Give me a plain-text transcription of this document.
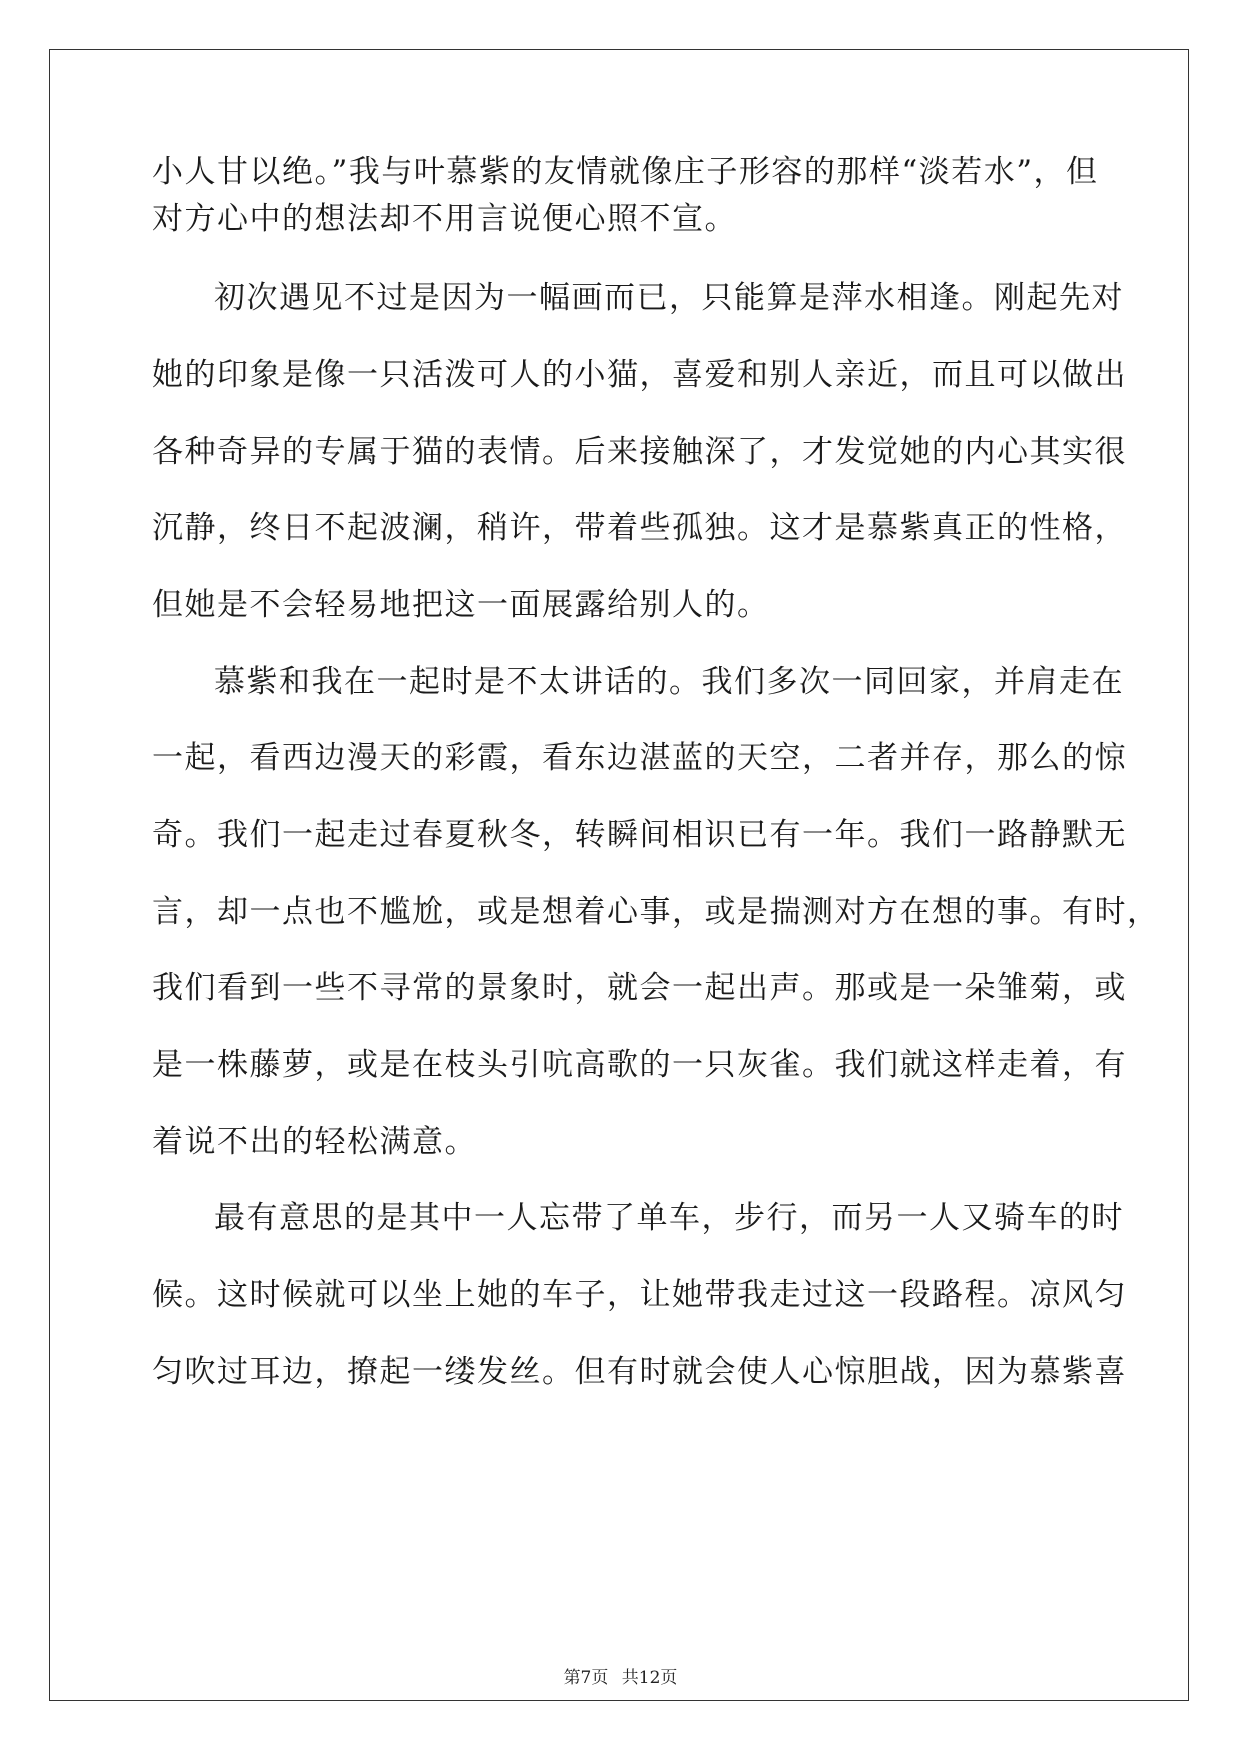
小人甘以绝。”我与叶慕紫的友情就像庄子形容的那样“淡若水”，但
对方心中的想法却不用言说便心照不宣。
初次遇见不过是因为一幅画而已，只能算是萍水相逢。刚起先对
她的印象是像一只活泼可人的小猫，喜爱和别人亲近，而且可以做出
各种奇异的专属于猫的表情。后来接触深了，才发觉她的内心其实很
沉静，终日不起波澜，稍许，带着些孤独。这才是慕紫真正的性格，
但她是不会轻易地把这一面展露给别人的。
慕紫和我在一起时是不太讲话的。我们多次一同回家，并肩走在
一起，看西边漫天的彩霞，看东边湛蓝的天空，二者并存，那么的惊
奇。我们一起走过春夏秋冬，转瞬间相识已有一年。我们一路静默无
言，却一点也不尴尬，或是想着心事，或是揣测对方在想的事。有时，
我们看到一些不寻常的景象时，就会一起出声。那或是一朵雏菊，或
是一株藤萝，或是在枝头引吭高歌的一只灰雀。我们就这样走着，有
着说不出的轻松满意。
最有意思的是其中一人忘带了单车，步行，而另一人又骑车的时
候。这时候就可以坐上她的车子，让她带我走过这一段路程。凉风匀
匀吹过耳边，撩起一缕发丝。但有时就会使人心惊胆战，因为慕紫喜
第7页 共12页
